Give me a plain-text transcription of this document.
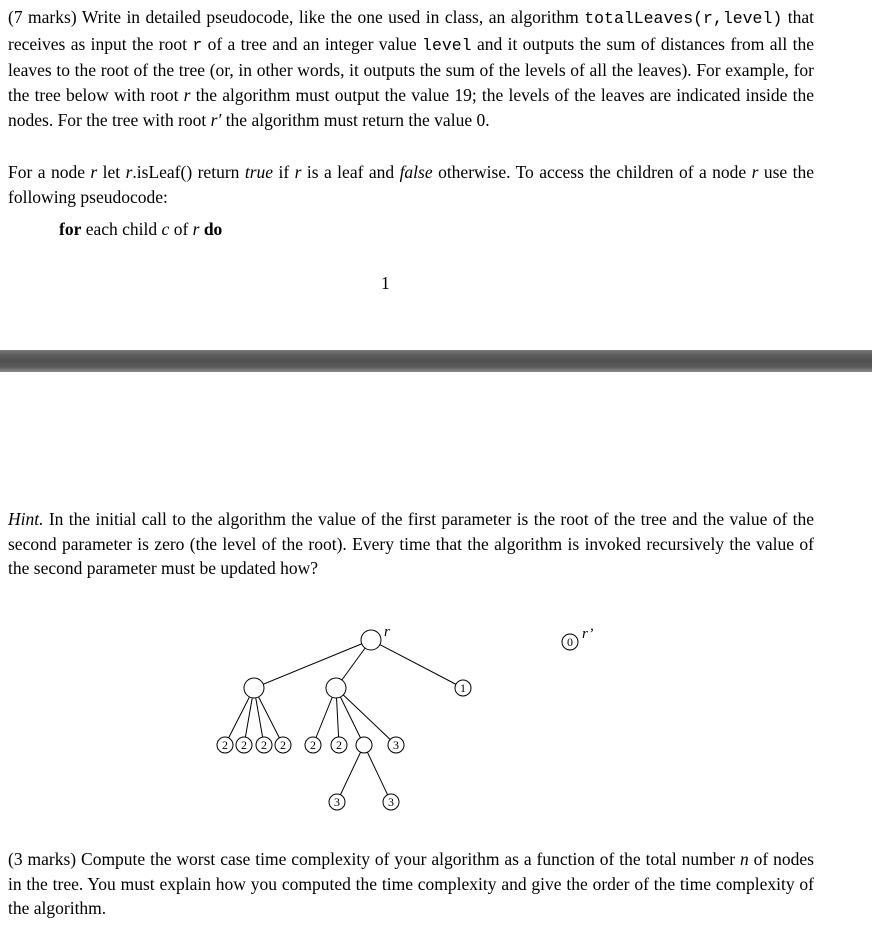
(7 marks) Write in detailed pseudocode, like the one used in class, an algorithm totalLeaves(r,level) that receives as input the root r of a tree and an integer value level and it outputs the sum of distances from all the leaves to the root of the tree (or, in other words, it outputs the sum of the levels of all the leaves). For example, for the tree below with root r the algorithm must output the value 19; the levels of the leaves are indicated inside the nodes. For the tree with root r′ the algorithm must return the value 0.

For a node r let r.isLeaf() return true if r is a leaf and false otherwise. To access the children of a node r use the following pseudocode:

for each child c of r do

1

Hint. In the initial call to the algorithm the value of the first parameter is the root of the tree and the value of the second parameter is zero (the level of the root). Every time that the algorithm is invoked recursively the value of the second parameter must be updated how?

1
2 2 2 2 2 2	3
3	3
0
r	r’

(3 marks) Compute the worst case time complexity of your algorithm as a function of the total number n of nodes in the tree. You must explain how you computed the time complexity and give the order of the time complexity of the algorithm.
